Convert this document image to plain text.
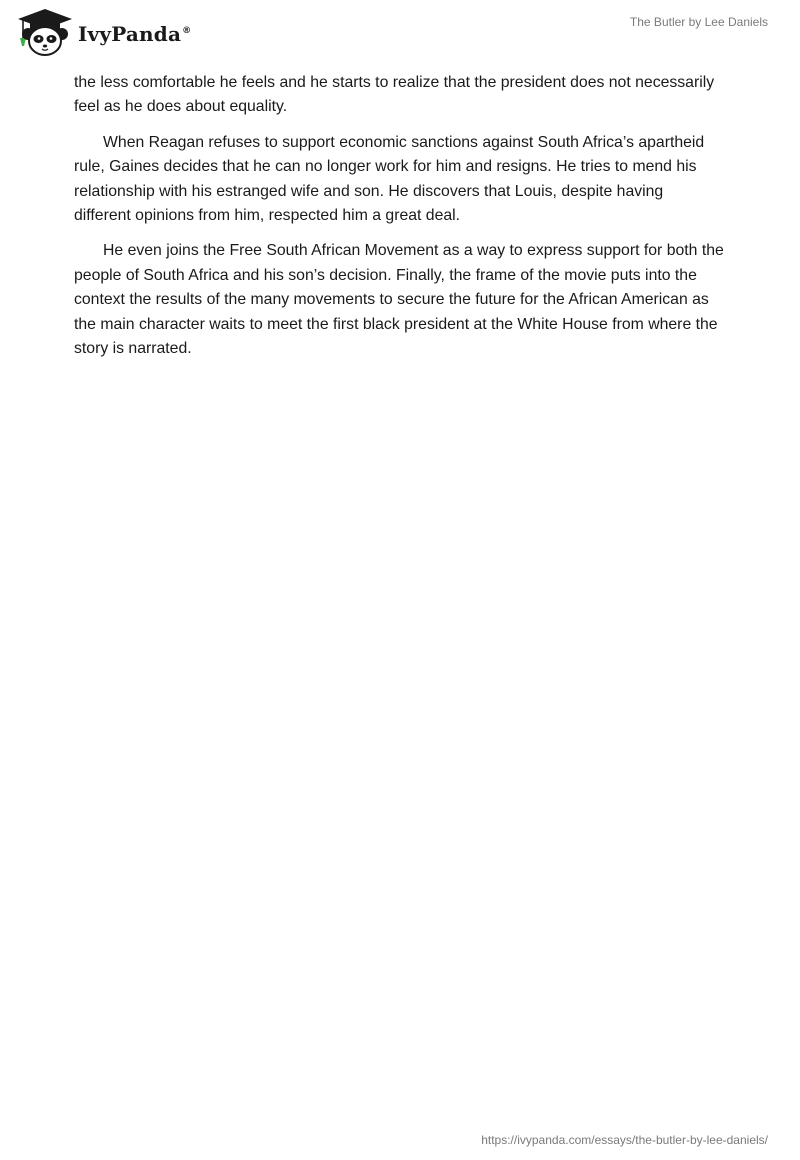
IvyPanda®
The Butler by Lee Daniels

the less comfortable he feels and he starts to realize that the president does not necessarily feel as he does about equality.

When Reagan refuses to support economic sanctions against South Africa’s apartheid rule, Gaines decides that he can no longer work for him and resigns. He tries to mend his relationship with his estranged wife and son. He discovers that Louis, despite having different opinions from him, respected him a great deal.

He even joins the Free South African Movement as a way to express support for both the people of South Africa and his son’s decision. Finally, the frame of the movie puts into the context the results of the many movements to secure the future for the African American as the main character waits to meet the first black president at the White House from where the story is narrated.

https://ivypanda.com/essays/the-butler-by-lee-daniels/
